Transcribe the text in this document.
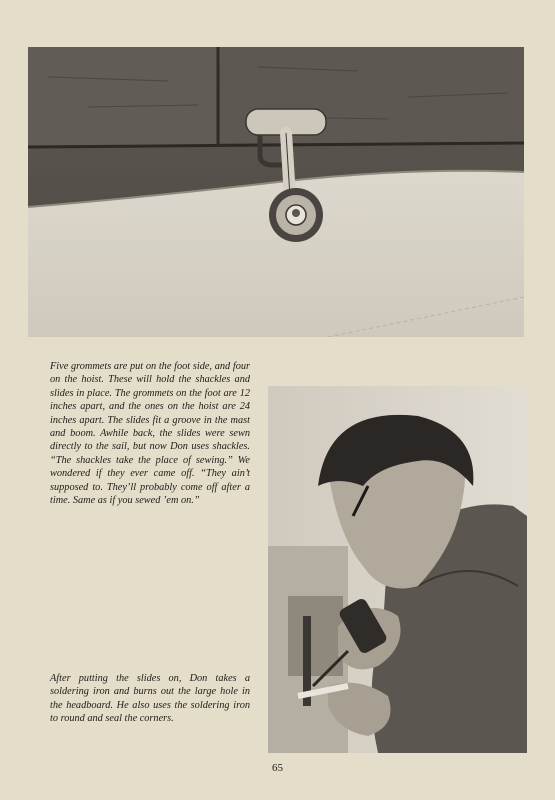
Five grommets are put on the foot side, and four on the hoist. These will hold the shackles and slides in place. The grommets on the foot are 12 inches apart, and the ones on the hoist are 24 inches apart. The slides fit a groove in the mast and boom. Awhile back, the slides were sewn directly to the sail, but now Don uses shackles. “The shackles take the place of sewing.” We wondered if they ever came off. “They ain’t supposed to. They’ll probably come off after a time. Same as if you sewed ’em on.”
After putting the slides on, Don takes a soldering iron and burns out the large hole in the headboard. He also uses the soldering iron to round and seal the corners.
65
